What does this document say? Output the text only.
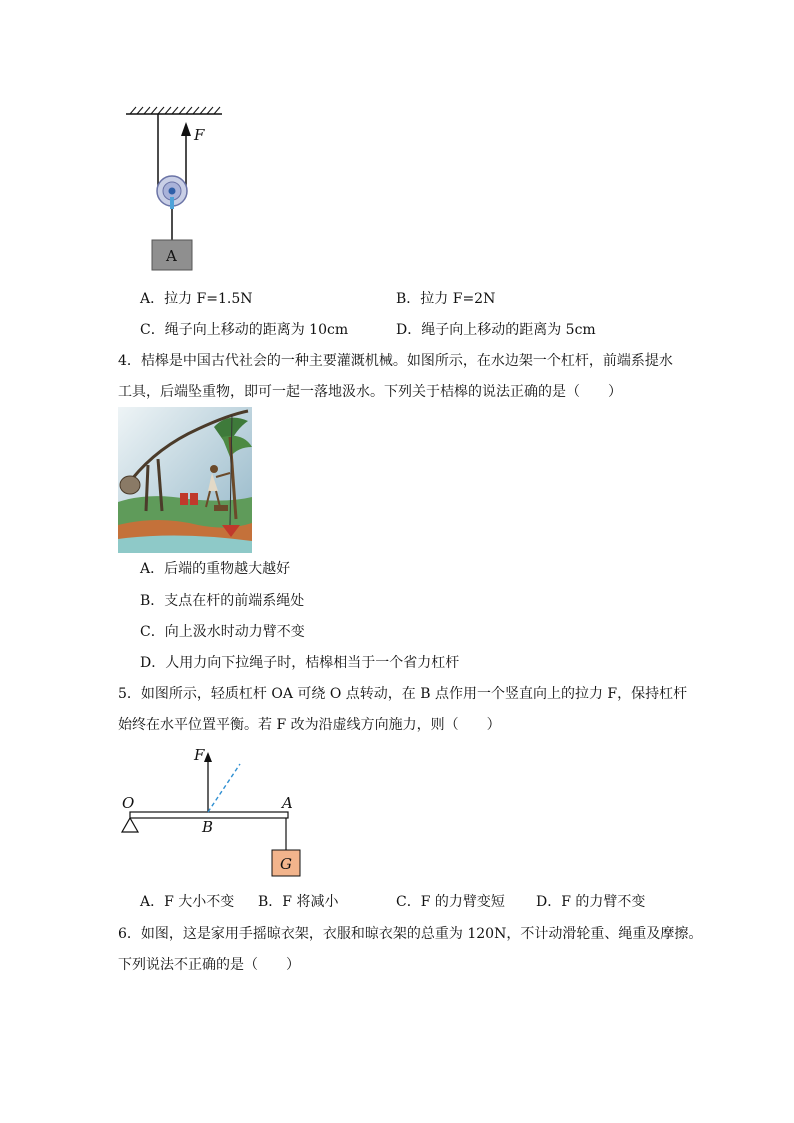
F
A
A．拉力 F=1.5N	B．拉力 F=2N
C．绳子向上移动的距离为 10cm	D．绳子向上移动的距离为 5cm
4．桔槔是中国古代社会的一种主要灌溉机械。如图所示，在水边架一个杠杆，前端系提水
工具，后端坠重物，即可一起一落地汲水。下列关于桔槔的说法正确的是（　　）
A．后端的重物越大越好
B．支点在杆的前端系绳处
C．向上汲水时动力臂不变
D．人用力向下拉绳子时，桔槔相当于一个省力杠杆
5．如图所示，轻质杠杆 OA 可绕 O 点转动，在 B 点作用一个竖直向上的拉力 F，保持杠杆
始终在水平位置平衡。若 F 改为沿虚线方向施力，则（　　）
F
O	A
B
G
A．F 大小不变 B．F 将减小	C．F 的力臂变短 D．F 的力臂不变
6．如图，这是家用手摇晾衣架，衣服和晾衣架的总重为 120N，不计动滑轮重、绳重及摩擦。
下列说法不正确的是（　　）
